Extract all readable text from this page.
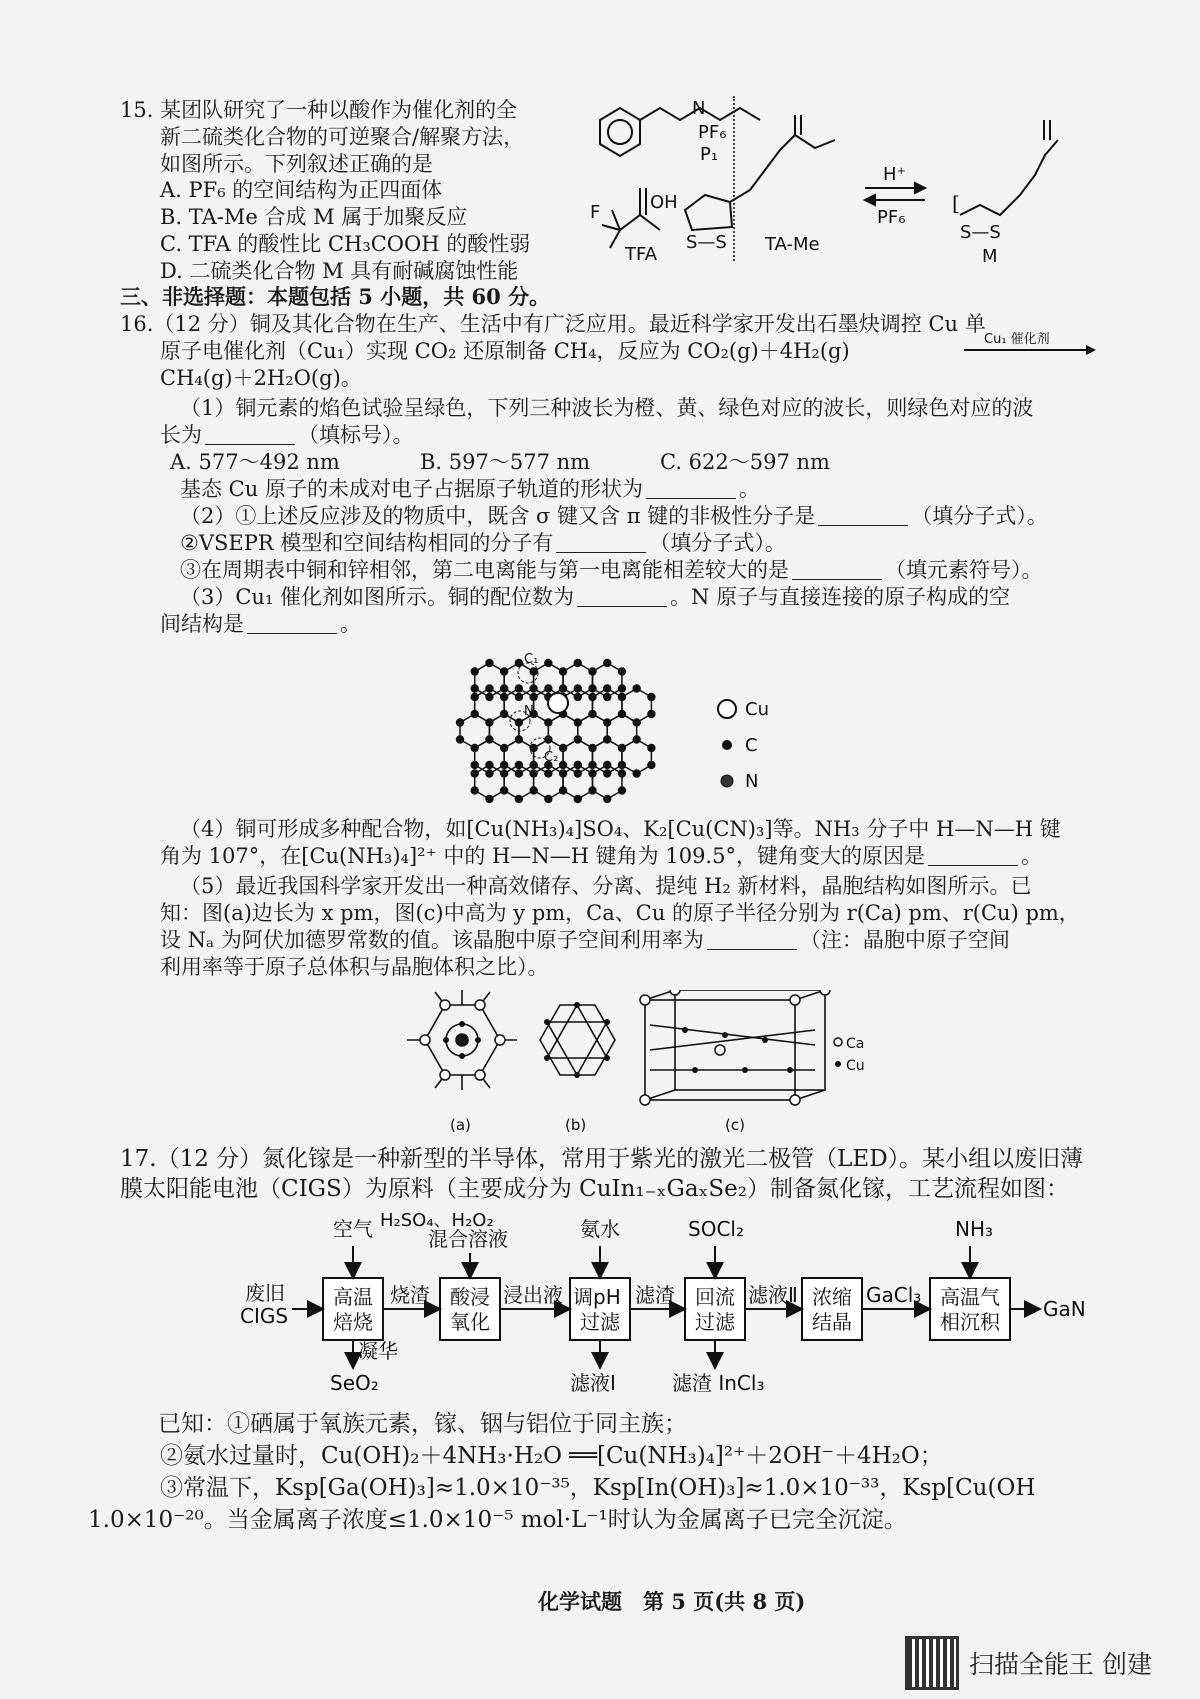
15. 某团队研究了一种以酸作为催化剂的全
新二硫类化合物的可逆聚合/解聚方法，
如图所示。下列叙述正确的是
A. PF₆ 的空间结构为正四面体
B. TA-Me 合成 M 属于加聚反应
C. TFA 的酸性比 CH₃COOH 的酸性弱
D. 二硫类化合物 M 具有耐碱腐蚀性能
[
PF₆
P₁
N
OH
TFA
F
S—S TA-Me
H⁺
PF₆
S—S
M
三、非选择题：本题包括 5 小题，共 60 分。
16.（12 分）铜及其化合物在生产、生活中有广泛应用。最近科学家开发出石墨炔调控 Cu 单
原子电催化剂（Cu₁）实现 CO₂ 还原制备 CH₄，反应为 CO₂(g)＋4H₂(g)	Cu₁ 催化剂
CH₄(g)＋2H₂O(g)。
（1）铜元素的焰色试验呈绿色，下列三种波长为橙、黄、绿色对应的波长，则绿色对应的波
长为	（填标号）。
A. 577～492 nm	B. 597～577 nm	C. 622～597 nm
基态 Cu 原子的未成对电子占据原子轨道的形状为	。
（2）①上述反应涉及的物质中，既含 σ 键又含 π 键的非极性分子是	（填分子式）。
②VSEPR 模型和空间结构相同的分子有	（填分子式）。
③在周期表中铜和锌相邻，第二电离能与第一电离能相差较大的是	（填元素符号）。
（3）Cu₁ 催化剂如图所示。铜的配位数为	。N 原子与直接连接的原子构成的空
间结构是	。
C₁
N
C₂
Cu
C
N
（4）铜可形成多种配合物，如[Cu(NH₃)₄]SO₄、K₂[Cu(CN)₃]等。NH₃ 分子中 H—N—H 键
角为 107°，在[Cu(NH₃)₄]²⁺ 中的 H—N—H 键角为 109.5°，键角变大的原因是	。
（5）最近我国科学家开发出一种高效储存、分离、提纯 H₂ 新材料，晶胞结构如图所示。已
知：图(a)边长为 x pm，图(c)中高为 y pm，Ca、Cu 的原子半径分别为 r(Ca) pm、r(Cu) pm，
设 Nₐ 为阿伏加德罗常数的值。该晶胞中原子空间利用率为	（注：晶胞中原子空间
利用率等于原子总体积与晶胞体积之比）。
(a)	(b)	(c)
Ca
Cu
17.（12 分）氮化镓是一种新型的半导体，常用于紫光的激光二极管（LED）。某小组以废旧薄
膜太阳能电池（CIGS）为原料（主要成分为 CuIn₁₋ₓGaₓSe₂）制备氮化镓，工艺流程如图：
废旧
CIGS
高温
焙烧
酸浸
氧化
调pH
过滤
回流
过滤
浓缩
结晶
高温气
相沉积
空气 H₂SO₄、H₂O₂
混合溶液	氨水	SOCl₂	NH₃
烧渣	浸出液	滤渣	滤液Ⅱ	GaCl₃
GaN
凝华
SeO₂	滤液Ⅰ	滤渣 InCl₃
已知：①硒属于氧族元素，镓、铟与铝位于同主族；
②氨水过量时，Cu(OH)₂＋4NH₃·H₂O ══[Cu(NH₃)₄]²⁺＋2OH⁻＋4H₂O；
③常温下，Ksp[Ga(OH)₃]≈1.0×10⁻³⁵，Ksp[In(OH)₃]≈1.0×10⁻³³，Ksp[Cu(OH
1.0×10⁻²⁰。当金属离子浓度≤1.0×10⁻⁵ mol·L⁻¹时认为金属离子已完全沉淀。
化学试题　第 5 页(共 8 页)
扫描全能王 创建
